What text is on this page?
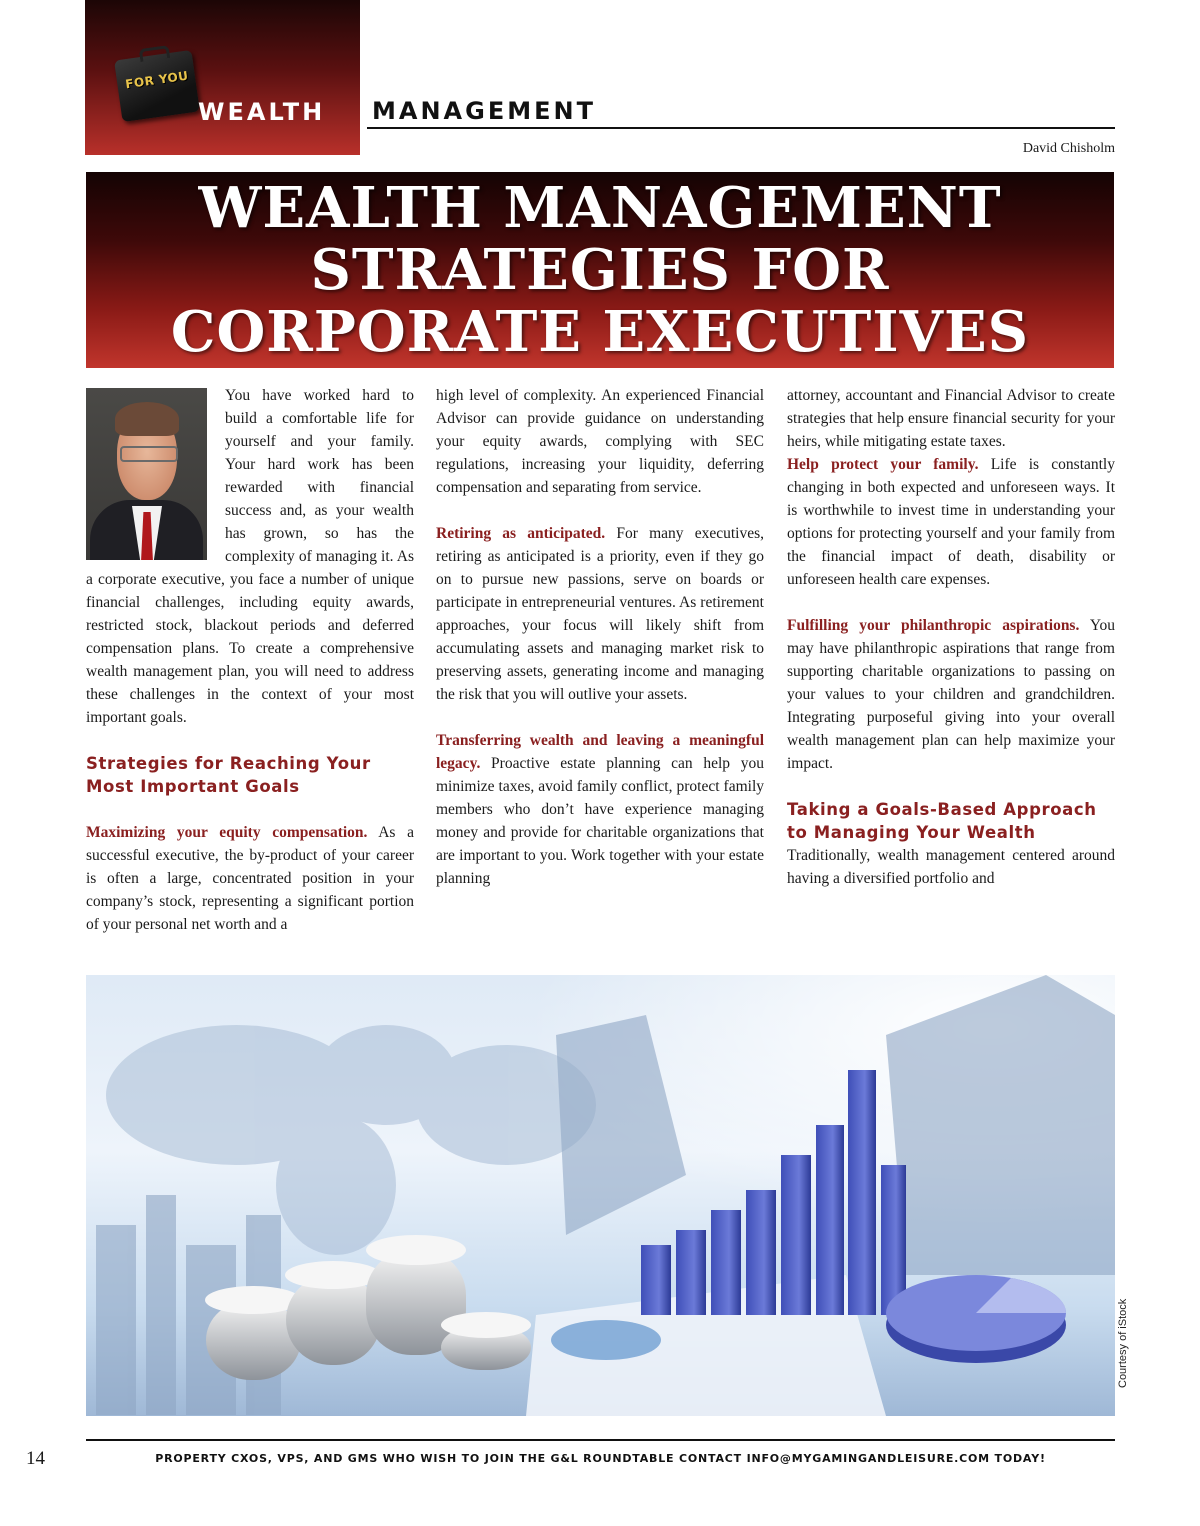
FOR YOU
WEALTH MANAGEMENT
David Chisholm
WEALTH MANAGEMENT
STRATEGIES FOR
CORPORATE EXECUTIVES

You have worked hard to build a comfortable life for yourself and your family. Your hard work has been rewarded with financial success and, as your wealth has grown, so has the complexity of managing it. As a corporate executive, you face a number of unique financial challenges, including equity awards, restricted stock, blackout periods and deferred compensation plans. To create a comprehensive wealth management plan, you will need to address these challenges in the context of your most important goals.

Strategies for Reaching Your Most Important Goals

Maximizing your equity compensation. As a successful executive, the by-product of your career is often a large, concentrated position in your company’s stock, representing a significant portion of your personal net worth and a

high level of complexity. An experienced Financial Advisor can provide guidance on understanding your equity awards, complying with SEC regulations, increasing your liquidity, deferring compensation and separating from service.

Retiring as anticipated. For many executives, retiring as anticipated is a priority, even if they go on to pursue new passions, serve on boards or participate in entrepreneurial ventures. As retirement approaches, your focus will likely shift from accumulating assets and managing market risk to preserving assets, generating income and managing the risk that you will outlive your assets.

Transferring wealth and leaving a meaningful legacy. Proactive estate planning can help you minimize taxes, avoid family conflict, protect family members who don’t have experience managing money and provide for charitable organizations that are important to you. Work together with your estate planning

attorney, accountant and Financial Advisor to create strategies that help ensure financial security for your heirs, while mitigating estate taxes.

Help protect your family. Life is constantly changing in both expected and unforeseen ways. It is worthwhile to invest time in understanding your options for protecting yourself and your family from the financial impact of death, disability or unforeseen health care expenses.

Fulfilling your philanthropic aspirations. You may have philanthropic aspirations that range from supporting charitable organizations to passing on your values to your children and grandchildren. Integrating purposeful giving into your overall wealth management plan can help maximize your impact.

Taking a Goals-Based Approach to Managing Your Wealth

Traditionally, wealth management centered around having a diversified portfolio and

Courtesy of iStock
14	PROPERTY CXOS, VPS, AND GMS WHO WISH TO JOIN THE G&L ROUNDTABLE CONTACT INFO@MYGAMINGANDLEISURE.COM TODAY!
